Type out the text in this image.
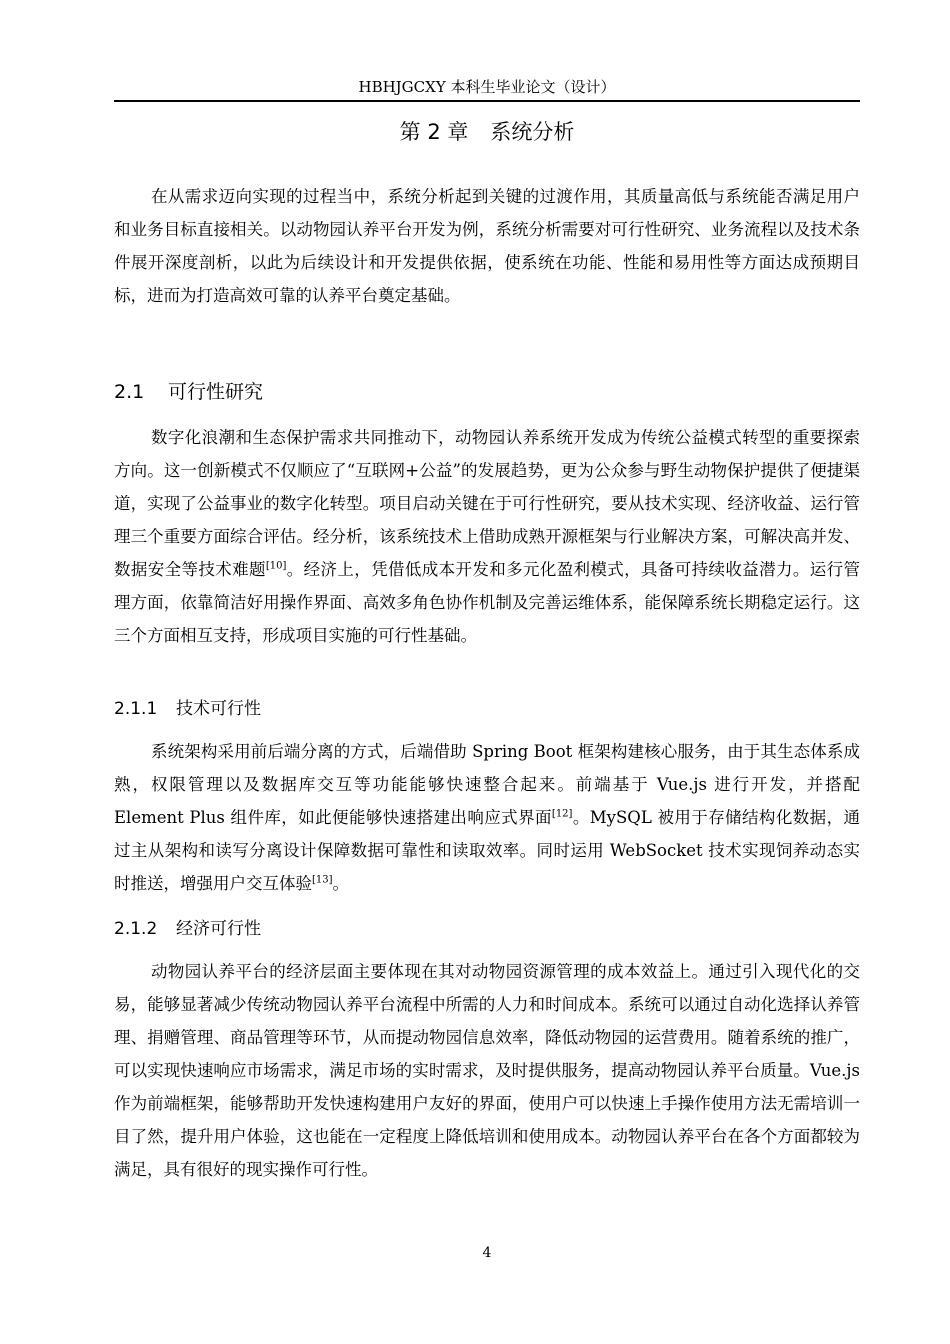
HBHJGCXY 本科生毕业论文（设计）
第 2 章 系统分析

在从需求迈向实现的过程当中，系统分析起到关键的过渡作用，其质量高低与系统能否满足用户和业务目标直接相关。以动物园认养平台开发为例，系统分析需要对可行性研究、业务流程以及技术条件展开深度剖析，以此为后续设计和开发提供依据，使系统在功能、性能和易用性等方面达成预期目标，进而为打造高效可靠的认养平台奠定基础。

2.1 可行性研究

数字化浪潮和生态保护需求共同推动下，动物园认养系统开发成为传统公益模式转型的重要探索方向。这一创新模式不仅顺应了“互联网+公益”的发展趋势，更为公众参与野生动物保护提供了便捷渠道，实现了公益事业的数字化转型。项目启动关键在于可行性研究，要从技术实现、经济收益、运行管理三个重要方面综合评估。经分析，该系统技术上借助成熟开源框架与行业解决方案，可解决高并发、数据安全等技术难题[10]。经济上，凭借低成本开发和多元化盈利模式，具备可持续收益潜力。运行管理方面，依靠简洁好用操作界面、高效多角色协作机制及完善运维体系，能保障系统长期稳定运行。这三个方面相互支持，形成项目实施的可行性基础。

2.1.1 技术可行性

系统架构采用前后端分离的方式，后端借助 Spring Boot 框架构建核心服务，由于其生态体系成熟，权限管理以及数据库交互等功能能够快速整合起来。前端基于 Vue.js 进行开发，并搭配 Element Plus 组件库，如此便能够快速搭建出响应式界面[12]。MySQL 被用于存储结构化数据，通过主从架构和读写分离设计保障数据可靠性和读取效率。同时运用 WebSocket 技术实现饲养动态实时推送，增强用户交互体验[13]。

2.1.2 经济可行性

动物园认养平台的经济层面主要体现在其对动物园资源管理的成本效益上。通过引入现代化的交易，能够显著减少传统动物园认养平台流程中所需的人力和时间成本。系统可以通过自动化选择认养管理、捐赠管理、商品管理等环节，从而提动物园信息效率，降低动物园的运营费用。随着系统的推广，可以实现快速响应市场需求，满足市场的实时需求，及时提供服务，提高动物园认养平台质量。Vue.js 作为前端框架，能够帮助开发快速构建用户友好的界面，使用户可以快速上手操作使用方法无需培训一目了然，提升用户体验，这也能在一定程度上降低培训和使用成本。动物园认养平台在各个方面都较为满足，具有很好的现实操作可行性。

4
